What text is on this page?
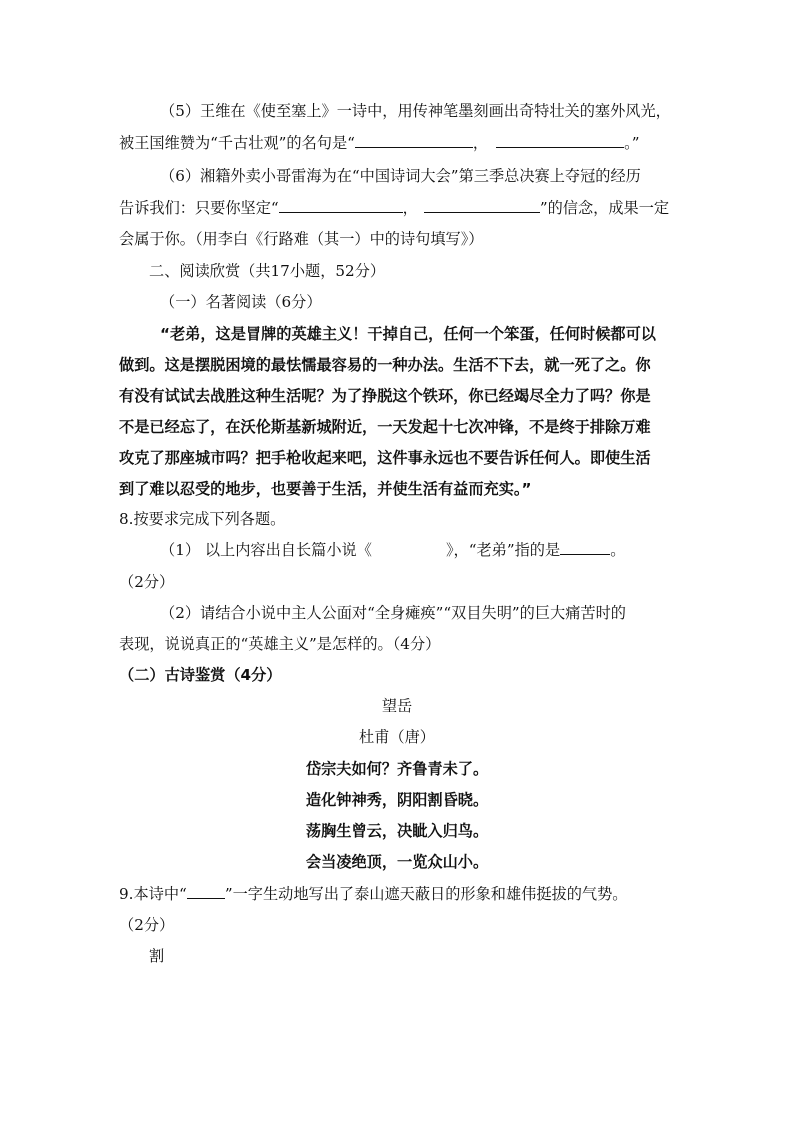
（5）王维在《使至塞上》一诗中，用传神笔墨刻画出奇特壮关的塞外风光，
被王国维赞为“千古壮观”的名句是“	，	。”
（6）湘籍外卖小哥雷海为在“中国诗词大会”第三季总决赛上夺冠的经历
告诉我们：只要你坚定“	，	”的信念，成果一定
会属于你。（用李白《行路难（其一）中的诗句填写》）
二、阅读欣赏（共17小题，52分）
（一）名著阅读（6分）
“老弟，这是冒牌的英雄主义！干掉自己，任何一个笨蛋，任何时候都可以
做到。这是摆脱困境的最怯懦最容易的一种办法。生活不下去，就一死了之。你
有没有试试去战胜这种生活呢？为了挣脱这个铁环，你已经竭尽全力了吗？你是
不是已经忘了，在沃伦斯基新城附近，一天发起十七次冲锋，不是终于排除万难
攻克了那座城市吗？把手枪收起来吧，这件事永远也不要告诉任何人。即使生活
到了难以忍受的地步，也要善于生活，并使生活有益而充实。”
8.按要求完成下列各题。
（1） 以上内容出自长篇小说《	》，“老弟”指的是	。
（2分）
（2）请结合小说中主人公面对“全身瘫痪”“双目失明”的巨大痛苦时的
表现，说说真正的“英雄主义”是怎样的。（4分）
（二）古诗鉴赏（4分）
望岳
杜甫（唐）
岱宗夫如何？齐鲁青未了。
造化钟神秀，阴阳割昏晓。
荡胸生曾云，决眦入归鸟。
会当凌绝顶，一览众山小。
9.本诗中“	”一字生动地写出了泰山遮天蔽日的形象和雄伟挺拔的气势。
（2分）
割
